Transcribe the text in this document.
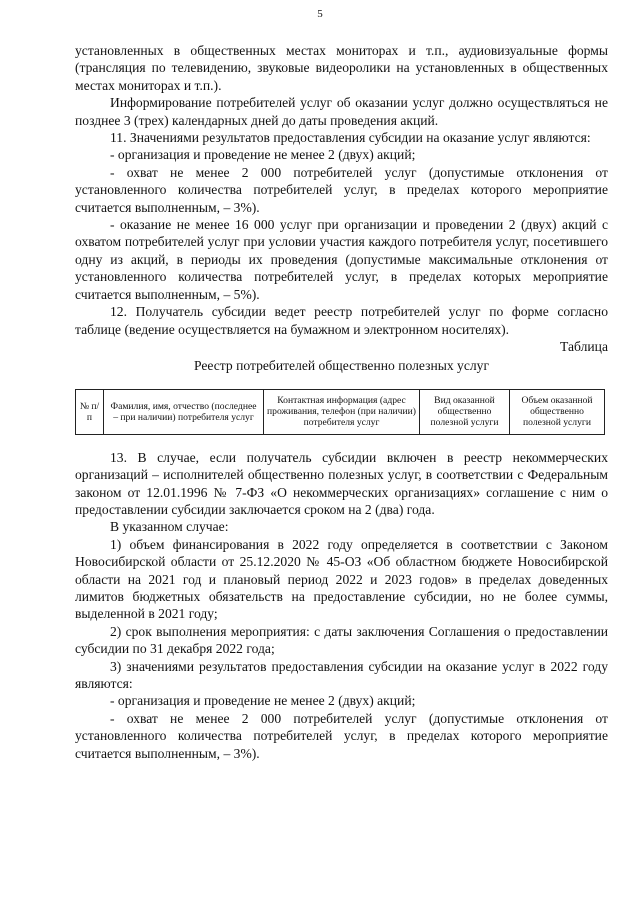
5

установленных в общественных местах мониторах и т.п., аудиовизуальные формы (трансляция по телевидению, звуковые видеоролики на установленных в общественных местах мониторах и т.п.).

Информирование потребителей услуг об оказании услуг должно осуществляться не позднее 3 (трех) календарных дней до даты проведения акций.

11. Значениями результатов предоставления субсидии на оказание услуг являются:

- организация и проведение не менее 2 (двух) акций;

- охват не менее 2 000 потребителей услуг (допустимые отклонения от установленного количества потребителей услуг, в пределах которого мероприятие считается выполненным, – 3%).

- оказание не менее 16 000 услуг при организации и проведении 2 (двух) акций с охватом потребителей услуг при условии участия каждого потребителя услуг, посетившего одну из акций, в периоды их проведения (допустимые максимальные отклонения от установленного количества потребителей услуг, в пределах которых мероприятие считается выполненным, – 5%).

12. Получатель субсидии ведет реестр потребителей услуг по форме согласно таблице (ведение осуществляется на бумажном и электронном носителях).

Таблица

Реестр потребителей общественно полезных услуг

№ п/п	Фамилия, имя, отчество (последнее – при наличии) потребителя услуг	Контактная информация (адрес проживания, телефон (при наличии) потребителя услуг	Вид оказанной общественно полезной услуги	Объем оказанной общественно полезной услуги

13. В случае, если получатель субсидии включен в реестр некоммерческих организаций – исполнителей общественно полезных услуг, в соответствии с Федеральным законом от 12.01.1996 № 7-ФЗ «О некоммерческих организациях» соглашение с ним о предоставлении субсидии заключается сроком на 2 (два) года.

В указанном случае:

1) объем финансирования в 2022 году определяется в соответствии с Законом Новосибирской области от 25.12.2020 № 45-ОЗ «Об областном бюджете Новосибирской области на 2021 год и плановый период 2022 и 2023 годов» в пределах доведенных лимитов бюджетных обязательств на предоставление субсидии, но не более суммы, выделенной в 2021 году;

2) срок выполнения мероприятия: с даты заключения Соглашения о предоставлении субсидии по 31 декабря 2022 года;

3) значениями результатов предоставления субсидии на оказание услуг в 2022 году являются:

- организация и проведение не менее 2 (двух) акций;

- охват не менее 2 000 потребителей услуг (допустимые отклонения от установленного количества потребителей услуг, в пределах которого мероприятие считается выполненным, – 3%).
